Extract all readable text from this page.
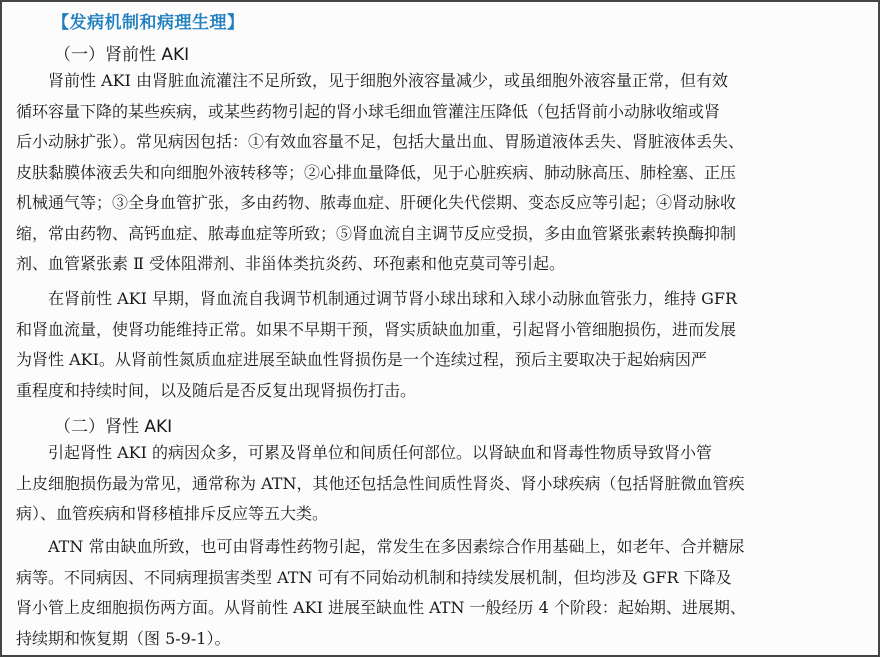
【发病机制和病理生理】
（一）肾前性 AKI
　　肾前性 AKI 由肾脏血流灌注不足所致，见于细胞外液容量减少，或虽细胞外液容量正常，但有效
循环容量下降的某些疾病，或某些药物引起的肾小球毛细血管灌注压降低（包括肾前小动脉收缩或肾
后小动脉扩张）。常见病因包括：①有效血容量不足，包括大量出血、胃肠道液体丢失、肾脏液体丢失、
皮肤黏膜体液丢失和向细胞外液转移等；②心排血量降低，见于心脏疾病、肺动脉高压、肺栓塞、正压
机械通气等；③全身血管扩张，多由药物、脓毒血症、肝硬化失代偿期、变态反应等引起；④肾动脉收
缩，常由药物、高钙血症、脓毒血症等所致；⑤肾血流自主调节反应受损，多由血管紧张素转换酶抑制
剂、血管紧张素 Ⅱ 受体阻滞剂、非甾体类抗炎药、环孢素和他克莫司等引起。
　　在肾前性 AKI 早期，肾血流自我调节机制通过调节肾小球出球和入球小动脉血管张力，维持 GFR
和肾血流量，使肾功能维持正常。如果不早期干预，肾实质缺血加重，引起肾小管细胞损伤，进而发展
为肾性 AKI。从肾前性氮质血症进展至缺血性肾损伤是一个连续过程，预后主要取决于起始病因严
重程度和持续时间，以及随后是否反复出现肾损伤打击。
（二）肾性 AKI
　　引起肾性 AKI 的病因众多，可累及肾单位和间质任何部位。以肾缺血和肾毒性物质导致肾小管
上皮细胞损伤最为常见，通常称为 ATN，其他还包括急性间质性肾炎、肾小球疾病（包括肾脏微血管疾
病）、血管疾病和肾移植排斥反应等五大类。
　　ATN 常由缺血所致，也可由肾毒性药物引起，常发生在多因素综合作用基础上，如老年、合并糖尿
病等。不同病因、不同病理损害类型 ATN 可有不同始动机制和持续发展机制，但均涉及 GFR 下降及
肾小管上皮细胞损伤两方面。从肾前性 AKI 进展至缺血性 ATN 一般经历 4 个阶段：起始期、进展期、
持续期和恢复期（图 5-9-1）。
